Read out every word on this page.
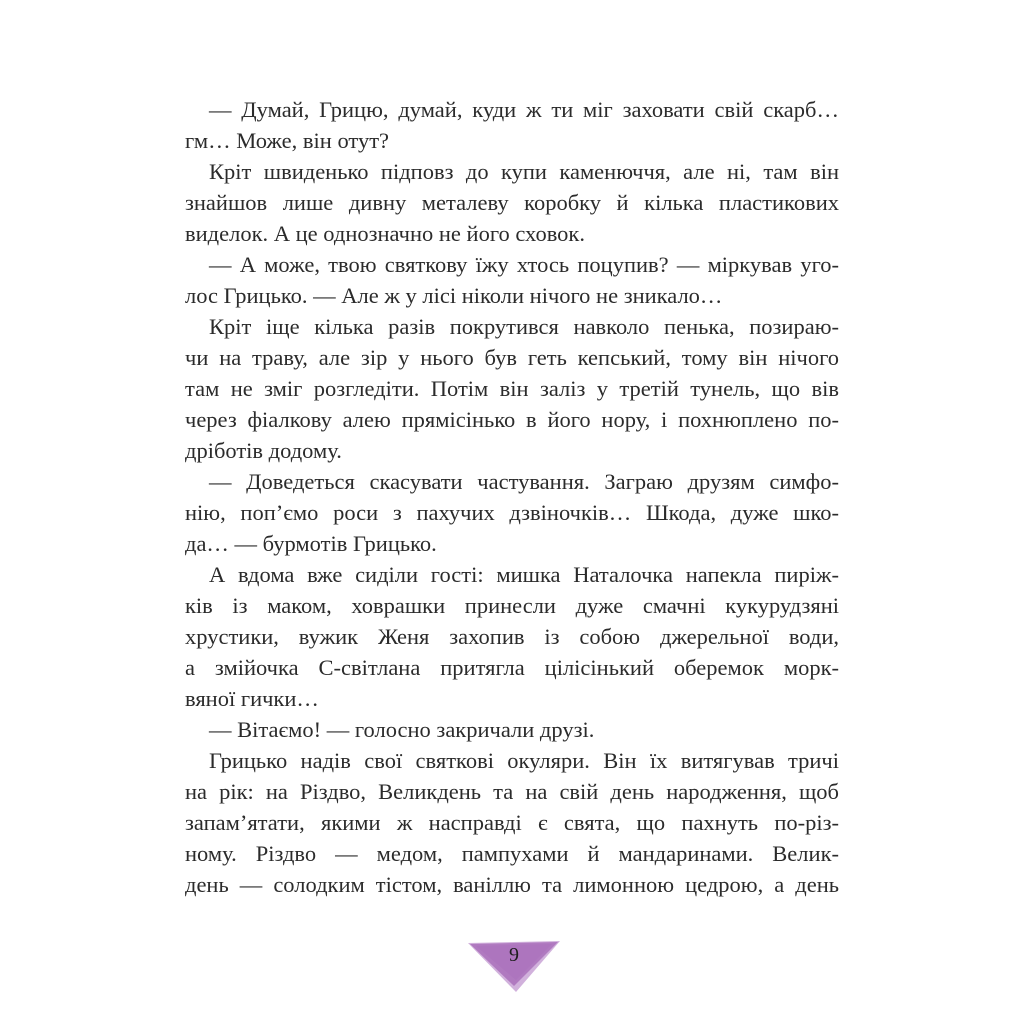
— Думай, Грицю, думай, куди ж ти міг заховати свій скарб…
гм… Може, він отут?
Кріт швиденько підповз до купи каменюччя, але ні, там він
знайшов лише дивну металеву коробку й кілька пластикових
виделок. А це однозначно не його сховок.
— А може, твою святкову їжу хтось поцупив? — міркував уго-
лос Грицько. — Але ж у лісі ніколи нічого не зникало…
Кріт іще кілька разів покрутився навколо пенька, позираю-
чи на траву, але зір у нього був геть кепський, тому він нічого
там не зміг розгледіти. Потім він заліз у третій тунель, що вів
через фіалкову алею прямісінько в його нору, і похнюплено по-
дріботів додому.
— Доведеться скасувати частування. Заграю друзям симфо-
нію, поп’ємо роси з пахучих дзвіночків… Шкода, дуже шко-
да… — бурмотів Грицько.
А вдома вже сиділи гості: мишка Наталочка напекла пиріж-
ків із маком, ховрашки принесли дуже смачні кукурудзяні
хрустики, вужик Женя захопив із собою джерельної води,
а змійочка С-світлана притягла цілісінький оберемок морк-
вяної гички…
— Вітаємо! — голосно закричали друзі.
Грицько надів свої святкові окуляри. Він їх витягував тричі
на рік: на Різдво, Великдень та на свій день народження, щоб
запам’ятати, якими ж насправді є свята, що пахнуть по-різ-
ному. Різдво — медом, пампухами й мандаринами. Велик-
день — солодким тістом, ваніллю та лимонною цедрою, а день
9
